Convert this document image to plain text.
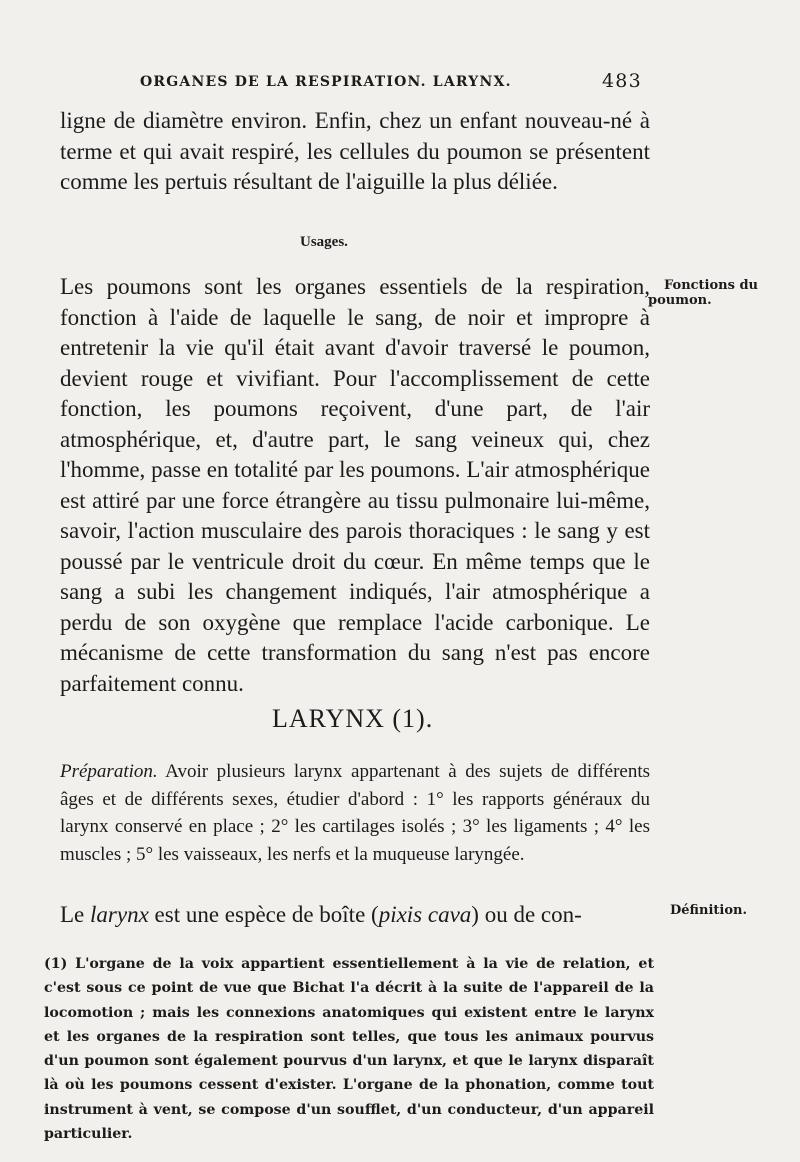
ORGANES DE LA RESPIRATION. LARYNX.	483
ligne de diamètre environ. Enfin, chez un enfant nouveau-né à terme et qui avait respiré, les cellules du poumon se présentent comme les pertuis résultant de l'aiguille la plus déliée.
Usages.
Les poumons sont les organes essentiels de la respiration, fonction à l'aide de laquelle le sang, de noir et impropre à entretenir la vie qu'il était avant d'avoir traversé le poumon, devient rouge et vivifiant. Pour l'accomplissement de cette fonction, les poumons reçoivent, d'une part, de l'air atmosphérique, et, d'autre part, le sang veineux qui, chez l'homme, passe en totalité par les poumons. L'air atmosphérique est attiré par une force étrangère au tissu pulmonaire lui-même, savoir, l'action musculaire des parois thoraciques : le sang y est poussé par le ventricule droit du cœur. En même temps que le sang a subi les changement indiqués, l'air atmosphérique a perdu de son oxygène que remplace l'acide carbonique. Le mécanisme de cette transformation du sang n'est pas encore parfaitement connu.
Fonctions du
poumon.
LARYNX (1).
Préparation. Avoir plusieurs larynx appartenant à des sujets de différents âges et de différents sexes, étudier d'abord : 1° les rapports généraux du larynx conservé en place ; 2° les cartilages isolés ; 3° les ligaments ; 4° les muscles ; 5° les vaisseaux, les nerfs et la muqueuse laryngée.
Le larynx est une espèce de boîte (pixis cava) ou de con-	Définition.
(1) L'organe de la voix appartient essentiellement à la vie de relation, et c'est sous ce point de vue que Bichat l'a décrit à la suite de l'appareil de la locomotion ; mais les connexions anatomiques qui existent entre le larynx et les organes de la respiration sont telles, que tous les animaux pourvus d'un poumon sont également pourvus d'un larynx, et que le larynx disparaît là où les poumons cessent d'exister. L'organe de la phonation, comme tout instrument à vent, se compose d'un soufflet, d'un conducteur, d'un appareil particulier.
